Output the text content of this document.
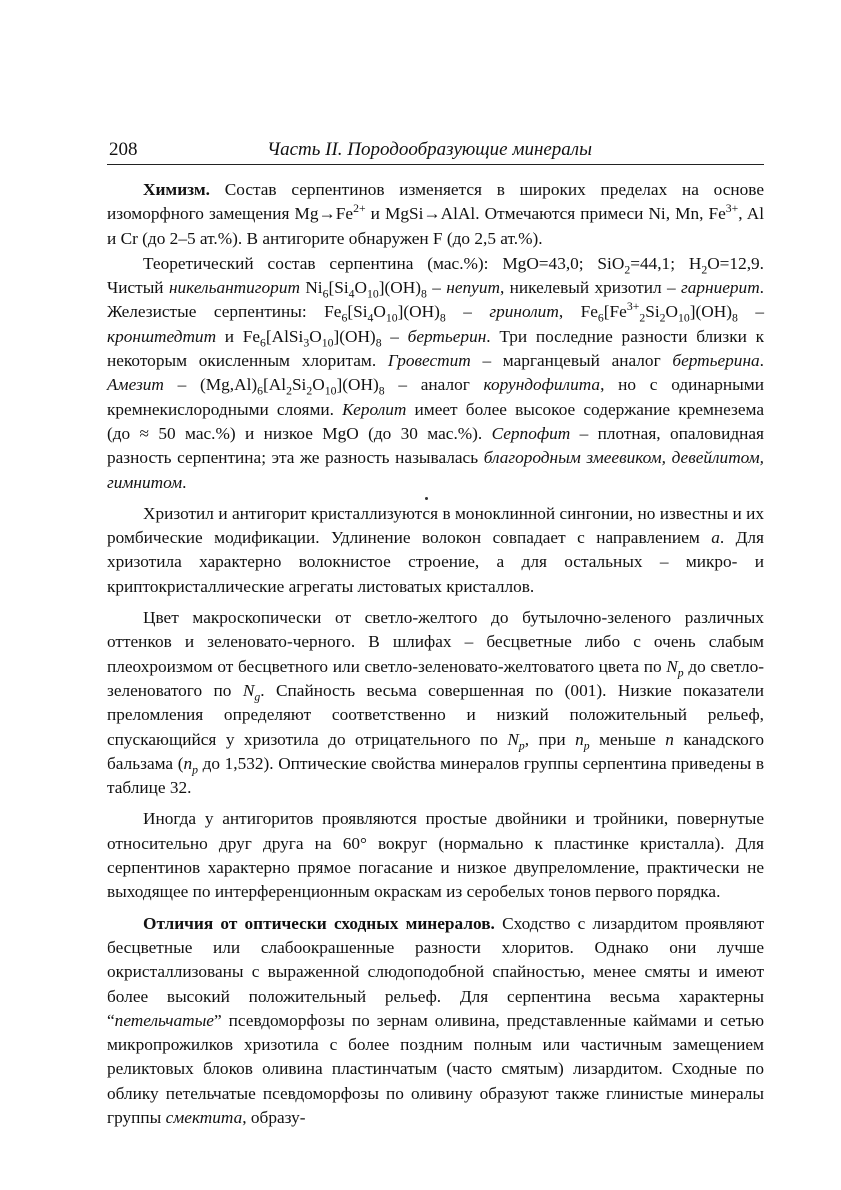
208	Часть II. Породообразующие минералы

Химизм. Состав серпентинов изменяется в широких пределах на основе изоморфного замещения $Mg\to Fe^{2+}$ и MgSi→AlAl. Отмечаются примеси Ni, Mn, $Fe^{3+}$, Al и Cr (до 2–5 ат.%). В антигорите обнаружен F (до 2,5 ат.%).

Теоретический состав серпентина (мас.%): MgO=43,0; SiO$_2$=44,1; $H_2O=12,9$. Чистый никельантигорит $Ni_6[Si_4O_{10}](OH)_8$ – непуит, никелевый хризотил – гарниерит. Железистые серпентины: $Fe_6[Si_4O_{10}](OH)_8$ – гринолит, $Fe_6[Fe^{3+}_2Si_2O_{10}](OH)_8$ – кронштедтит и $Fe_6[AlSi_3O_{10}](OH)_8$ – бертьерин. Три последние разности близки к некоторым окисленным хлоритам. Гровестит – марганцевый аналог бертьерина. Амезит – $(Mg,Al)_6[Al_2Si_2O_{10}](OH)_8$ – аналог корундофилита, но с одинарными кремнекислородными слоями. Керолит имеет более высокое содержание кремнезема (до ≈ 50 мас.%) и низкое MgO (до 30 мас.%). Серпофит – плотная, опаловидная разность серпентина; эта же разность называлась благородным змеевиком, девейлитом, гимнитом.

Хризотил и антигорит кристаллизуются в моноклинной сингонии, но известны и их ромбические модификации. Удлинение волокон совпадает с направлением a. Для хризотила характерно волокнистое строение, а для остальных – микро- и криптокристаллические агрегаты листоватых кристаллов.

Цвет макроскопически от светло-желтого до бутылочно-зеленого различных оттенков и зеленовато-черного. В шлифах – бесцветные либо с очень слабым плеохроизмом от бесцветного или светло-зеленовато-желтоватого цвета по $N_p$ до светло-зеленоватого по $N_g$. Спайность весьма совершенная по (001). Низкие показатели преломления определяют соответственно и низкий положительный рельеф, спускающийся у хризотила до отрицательного по $N_p$, при $n_p$ меньше n канадского бальзама ($n_p$ до 1,532). Оптические свойства минералов группы серпентина приведены в таблице 32.

Иногда у антигоритов проявляются простые двойники и тройники, повернутые относительно друг друга на 60° вокруг (нормально к пластинке кристалла). Для серпентинов характерно прямое погасание и низкое двупреломление, практически не выходящее по интерференционным окраскам из серобелых тонов первого порядка.

Отличия от оптически сходных минералов. Сходство с лизардитом проявляют бесцветные или слабоокрашенные разности хлоритов. Однако они лучше окристаллизованы с выраженной слюдоподобной спайностью, менее смяты и имеют более высокий положительный рельеф. Для серпентина весьма характерны “петельчатые” псевдоморфозы по зернам оливина, представленные каймами и сетью микропрожилков хризотила с более поздним полным или частичным замещением реликтовых блоков оливина пластинчатым (часто смятым) лизардитом. Сходные по облику петельчатые псевдоморфозы по оливину образуют также глинистые минералы группы смектита, образу-
